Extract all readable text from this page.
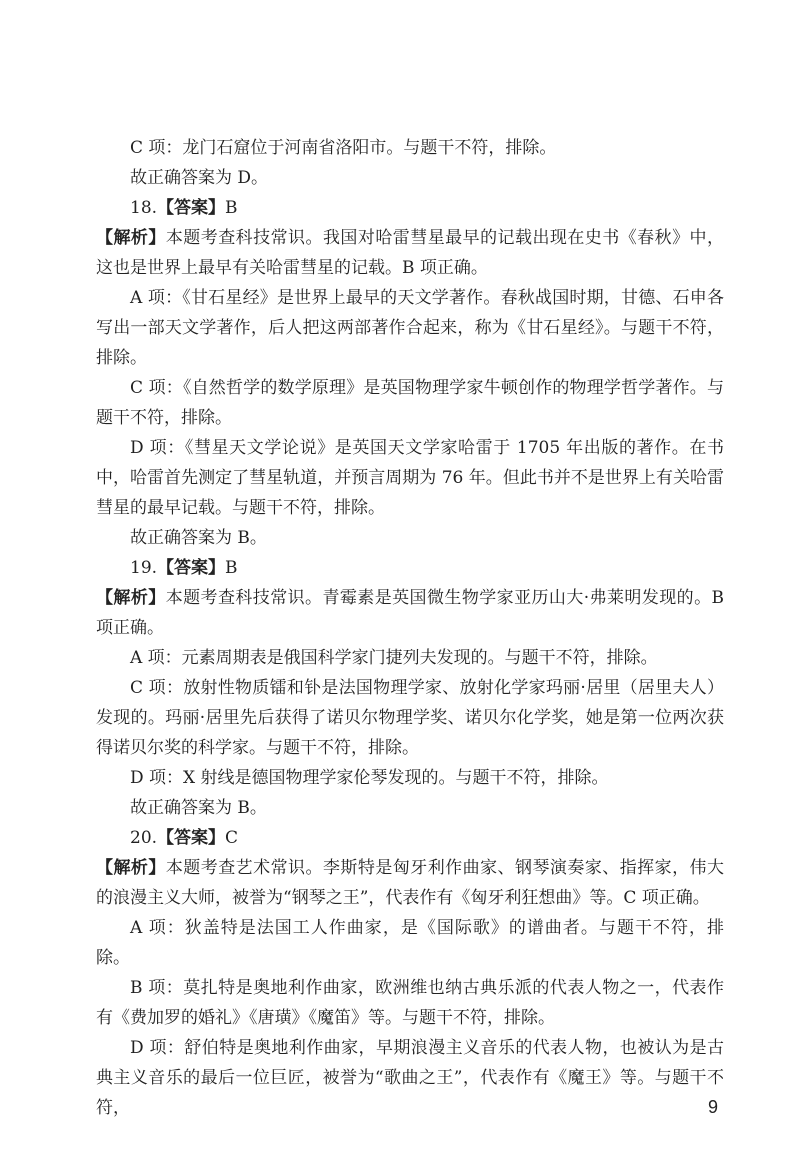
C 项：龙门石窟位于河南省洛阳市。与题干不符，排除。

故正确答案为 D。

18.【答案】B

【解析】本题考查科技常识。我国对哈雷彗星最早的记载出现在史书《春秋》中，这也是世界上最早有关哈雷彗星的记载。B 项正确。

A 项：《甘石星经》是世界上最早的天文学著作。春秋战国时期，甘德、石申各写出一部天文学著作，后人把这两部著作合起来，称为《甘石星经》。与题干不符，排除。

C 项：《自然哲学的数学原理》是英国物理学家牛顿创作的物理学哲学著作。与题干不符，排除。

D 项：《彗星天文学论说》是英国天文学家哈雷于 1705 年出版的著作。在书中，哈雷首先测定了彗星轨道，并预言周期为 76 年。但此书并不是世界上有关哈雷彗星的最早记载。与题干不符，排除。

故正确答案为 B。

19.【答案】B

【解析】本题考查科技常识。青霉素是英国微生物学家亚历山大·弗莱明发现的。B 项正确。

A 项：元素周期表是俄国科学家门捷列夫发现的。与题干不符，排除。

C 项：放射性物质镭和钋是法国物理学家、放射化学家玛丽·居里（居里夫人）发现的。玛丽·居里先后获得了诺贝尔物理学奖、诺贝尔化学奖，她是第一位两次获得诺贝尔奖的科学家。与题干不符，排除。

D 项：X 射线是德国物理学家伦琴发现的。与题干不符，排除。

故正确答案为 B。

20.【答案】C

【解析】本题考查艺术常识。李斯特是匈牙利作曲家、钢琴演奏家、指挥家，伟大的浪漫主义大师，被誉为“钢琴之王”，代表作有《匈牙利狂想曲》等。C 项正确。

A 项：狄盖特是法国工人作曲家，是《国际歌》的谱曲者。与题干不符，排除。

B 项：莫扎特是奥地利作曲家，欧洲维也纳古典乐派的代表人物之一，代表作有《费加罗的婚礼》《唐璜》《魔笛》等。与题干不符，排除。

D 项：舒伯特是奥地利作曲家，早期浪漫主义音乐的代表人物，也被认为是古典主义音乐的最后一位巨匠，被誉为“歌曲之王”，代表作有《魔王》等。与题干不符，	9
